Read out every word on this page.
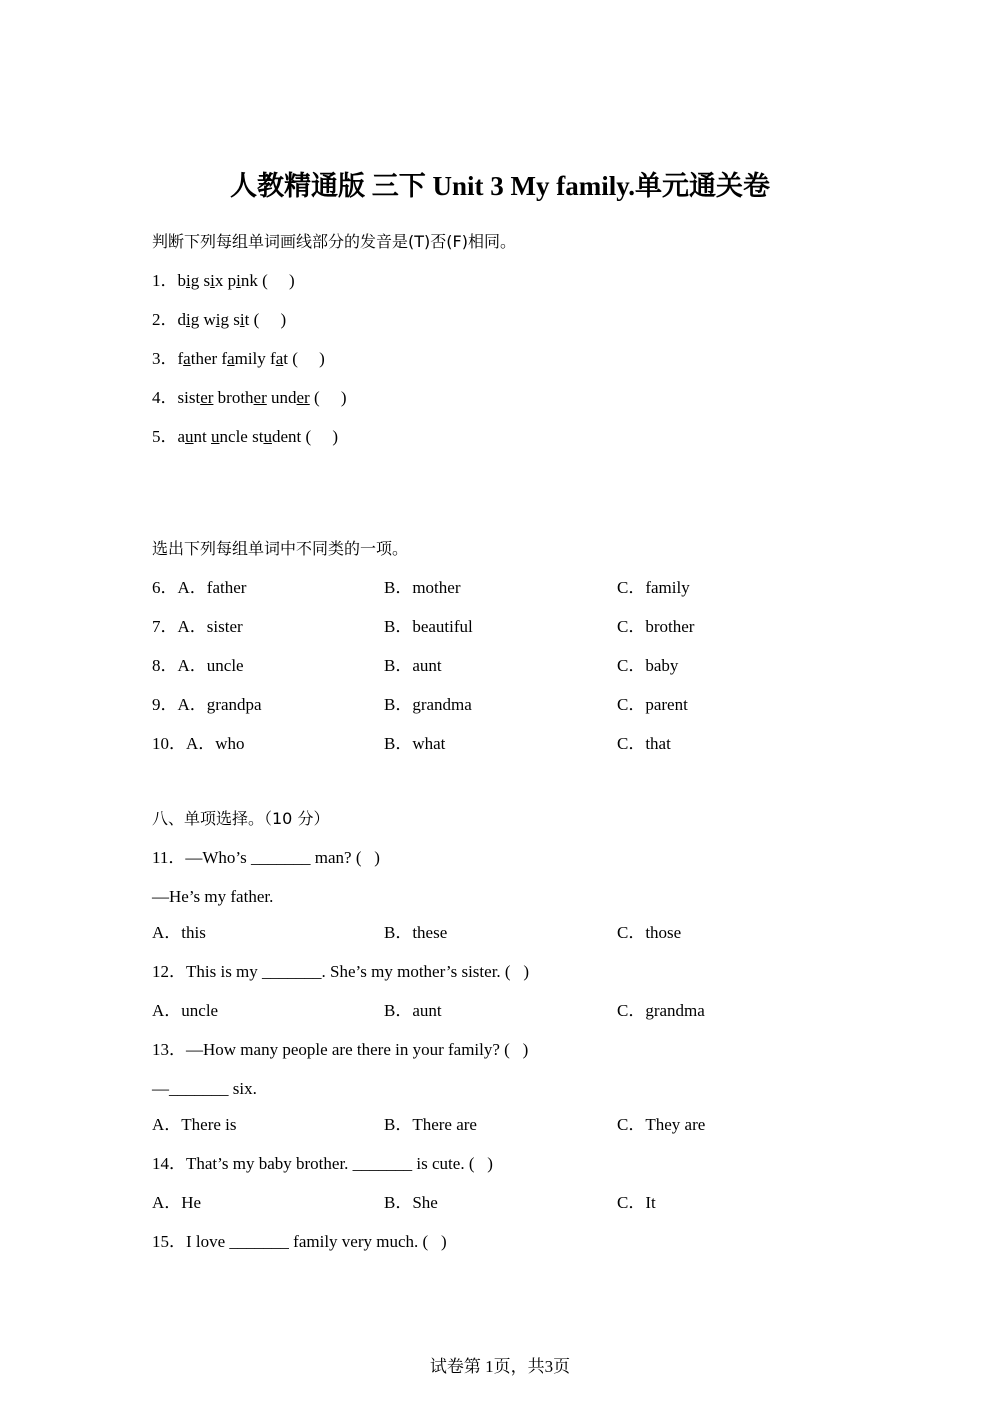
人教精通版 三下 Unit 3 My family.单元通关卷
判断下列每组单词画线部分的发音是(T)否(F)相同。
1．big six pink (     )
2．dig wig sit (     )
3．father family fat (     )
4．sister brother under (     )
5．aunt uncle student (     )
选出下列每组单词中不同类的一项。
6．A．father	B．mother	C．family
7．A．sister	B．beautiful	C．brother
8．A．uncle	B．aunt	C．baby
9．A．grandpa	B．grandma	C．parent
10．A．who	B．what	C．that
八、单项选择。（10 分）
11．—Who’s _______ man? (   )
—He’s my father.
A．this	B．these	C．those
12．This is my _______. She’s my mother’s sister. (   )
A．uncle	B．aunt	C．grandma
13．—How many people are there in your family? (   )
—_______ six.
A．There is	B．There are	C．They are
14．That’s my baby brother. _______ is cute. (   )
A．He	B．She	C．It
15．I love _______ family very much. (   )
试卷第 1页，共3页
